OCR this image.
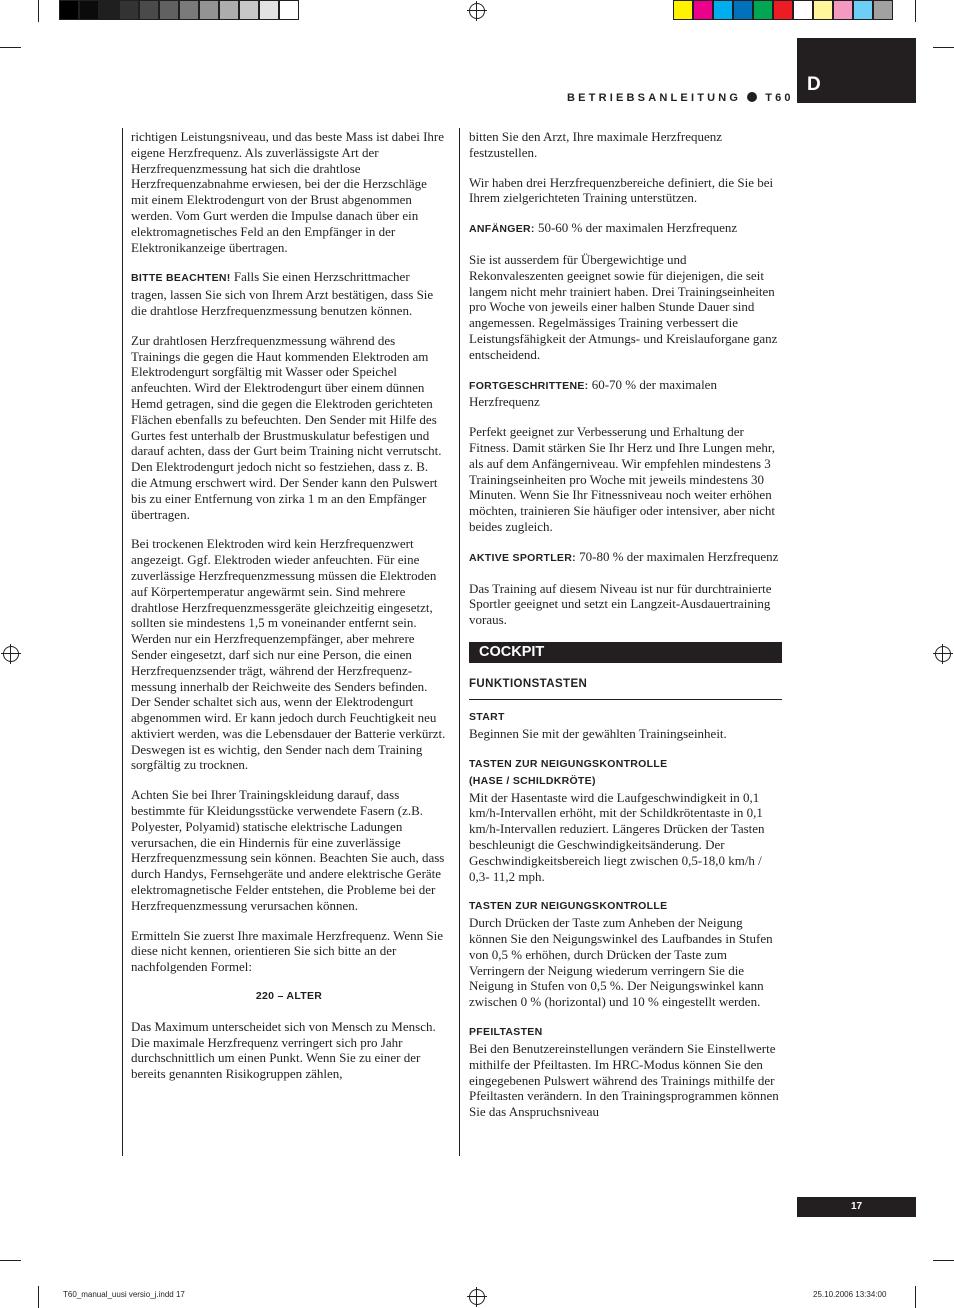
BETRIEBSANLEITUNG T60
D

richtigen Leistungsniveau, und das beste Mass ist dabei Ihre eigene Herzfrequenz. Als zuverlässigste Art der Herzfrequenzmessung hat sich die drahtlose Herzfrequenzabnahme erwiesen, bei der die Herzschläge mit einem Elektrodengurt von der Brust abgenommen werden. Vom Gurt werden die Impulse danach über ein elektromagnetisches Feld an den Empfänger in der Elektronikanzeige übertragen.

BITTE BEACHTEN! Falls Sie einen Herzschrittmacher tragen, lassen Sie sich von Ihrem Arzt bestätigen, dass Sie die drahtlose Herzfrequenzmessung benutzen können.

Zur drahtlosen Herzfrequenzmessung während des Trainings die gegen die Haut kommenden Elektroden am Elektrodengurt sorgfältig mit Wasser oder Speichel anfeuchten. Wird der Elektrodengurt über einem dünnen Hemd getragen, sind die gegen die Elektroden gerichteten Flächen ebenfalls zu befeuchten. Den Sender mit Hilfe des Gurtes fest unterhalb der Brustmuskulatur befestigen und darauf achten, dass der Gurt beim Training nicht verrutscht. Den Elektrodengurt jedoch nicht so festziehen, dass z. B. die Atmung erschwert wird. Der Sender kann den Pulswert bis zu einer Entfernung von zirka 1 m an den Empfänger übertragen.

Bei trockenen Elektroden wird kein Herzfrequenzwert angezeigt. Ggf. Elektroden wieder anfeuchten. Für eine zuverlässige Herzfrequenzmessung müssen die Elektroden auf Körpertemperatur angewärmt sein. Sind mehrere drahtlose Herzfrequenzmessgeräte gleichzeitig eingesetzt, sollten sie mindestens 1,5 m voneinander entfernt sein. Werden nur ein Herzfrequenzempfänger, aber mehrere Sender eingesetzt, darf sich nur eine Person, die einen Herzfrequenzsender trägt, während der Herzfrequenz-messung innerhalb der Reichweite des Senders befinden. Der Sender schaltet sich aus, wenn der Elektrodengurt abgenommen wird. Er kann jedoch durch Feuchtigkeit neu aktiviert werden, was die Lebensdauer der Batterie verkürzt. Deswegen ist es wichtig, den Sender nach dem Training sorgfältig zu trocknen.

Achten Sie bei Ihrer Trainingskleidung darauf, dass bestimmte für Kleidungsstücke verwendete Fasern (z.B. Polyester, Polyamid) statische elektrische Ladungen verursachen, die ein Hindernis für eine zuverlässige Herzfrequenzmessung sein können. Beachten Sie auch, dass durch Handys, Fernsehgeräte und andere elektrische Geräte elektromagnetische Felder entstehen, die Probleme bei der Herzfrequenzmessung verursachen können.

Ermitteln Sie zuerst Ihre maximale Herzfrequenz. Wenn Sie diese nicht kennen, orientieren Sie sich bitte an der nachfolgenden Formel:

220 – ALTER

Das Maximum unterscheidet sich von Mensch zu Mensch. Die maximale Herzfrequenz verringert sich pro Jahr durchschnittlich um einen Punkt. Wenn Sie zu einer der bereits genannten Risikogruppen zählen,

bitten Sie den Arzt, Ihre maximale Herzfrequenz festzustellen.

Wir haben drei Herzfrequenzbereiche definiert, die Sie bei Ihrem zielgerichteten Training unterstützen.

ANFÄNGER: 50-60 % der maximalen Herzfrequenz

Sie ist ausserdem für Übergewichtige und Rekonvaleszenten geeignet sowie für diejenigen, die seit langem nicht mehr trainiert haben. Drei Trainingseinheiten pro Woche von jeweils einer halben Stunde Dauer sind angemessen. Regelmässiges Training verbessert die Leistungsfähigkeit der Atmungs- und Kreislauforgane ganz entscheidend.

FORTGESCHRITTENE: 60-70 % der maximalen Herzfrequenz

Perfekt geeignet zur Verbesserung und Erhaltung der Fitness. Damit stärken Sie Ihr Herz und Ihre Lungen mehr, als auf dem Anfängerniveau. Wir empfehlen mindestens 3 Trainingseinheiten pro Woche mit jeweils mindestens 30 Minuten. Wenn Sie Ihr Fitnessniveau noch weiter erhöhen möchten, trainieren Sie häufiger oder intensiver, aber nicht beides zugleich.

AKTIVE SPORTLER: 70-80 % der maximalen Herzfrequenz

Das Training auf diesem Niveau ist nur für durchtrainierte Sportler geeignet und setzt ein Langzeit-Ausdauertraining voraus.

COCKPIT
FUNKTIONSTASTEN
START
Beginnen Sie mit der gewählten Trainingseinheit.
TASTEN ZUR NEIGUNGSKONTROLLE
(HASE / SCHILDKRÖTE)
Mit der Hasentaste wird die Laufgeschwindigkeit in 0,1 km/h-Intervallen erhöht, mit der Schildkrötentaste in 0,1 km/h-Intervallen reduziert. Längeres Drücken der Tasten beschleunigt die Geschwindigkeitsänderung. Der Geschwindigkeitsbereich liegt zwischen 0,5-18,0 km/h / 0,3- 11,2 mph.
TASTEN ZUR NEIGUNGSKONTROLLE
Durch Drücken der Taste zum Anheben der Neigung können Sie den Neigungswinkel des Laufbandes in Stufen von 0,5 % erhöhen, durch Drücken der Taste zum Verringern der Neigung wiederum verringern Sie die Neigung in Stufen von 0,5 %. Der Neigungswinkel kann zwischen 0 % (horizontal) und 10 % eingestellt werden.
PFEILTASTEN
Bei den Benutzereinstellungen verändern Sie Einstellwerte mithilfe der Pfeiltasten. Im HRC-Modus können Sie den eingegebenen Pulswert während des Trainings mithilfe der Pfeiltasten verändern. In den Trainingsprogrammen können Sie das Anspruchsniveau
17
T60_manual_uusi versio_j.indd 17	25.10.2006 13:34:00
